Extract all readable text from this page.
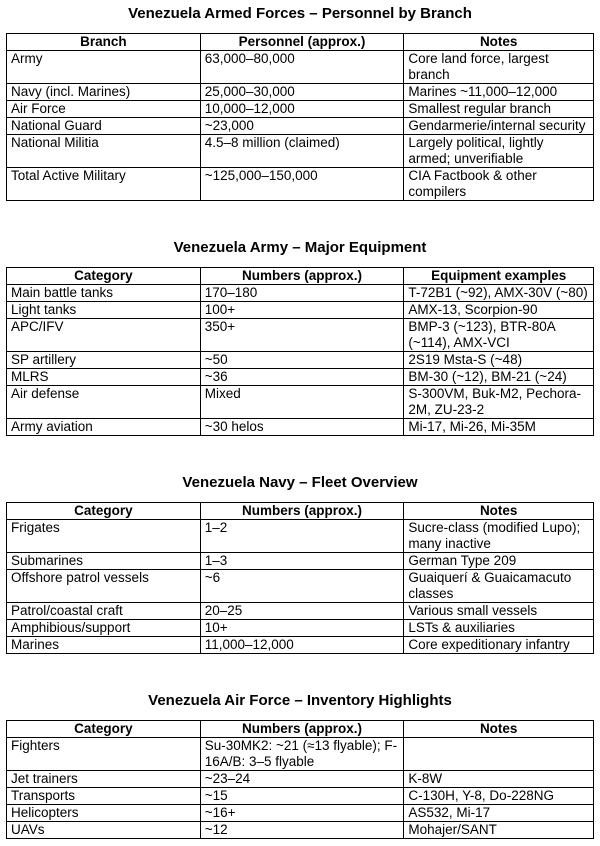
Venezuela Armed Forces – Personnel by Branch
Branch	Personnel (approx.)	Notes
Army	63,000–80,000	Core land force, largest branch
Navy (incl. Marines)	25,000–30,000	Marines ~11,000–12,000
Air Force	10,000–12,000	Smallest regular branch
National Guard	~23,000	Gendarmerie/internal security
National Militia	4.5–8 million (claimed)	Largely political, lightly armed; unverifiable
Total Active Military	~125,000–150,000	CIA Factbook & other compilers
Venezuela Army – Major Equipment
Category	Numbers (approx.)	Equipment examples
Main battle tanks	170–180	T-72B1 (~92), AMX-30V (~80)
Light tanks	100+	AMX-13, Scorpion-90
APC/IFV	350+	BMP-3 (~123), BTR-80A (~114), AMX-VCI
SP artillery	~50	2S19 Msta-S (~48)
MLRS	~36	BM-30 (~12), BM-21 (~24)
Air defense	Mixed	S-300VM, Buk-M2, Pechora-2M, ZU-23-2
Army aviation	~30 helos	Mi-17, Mi-26, Mi-35M
Venezuela Navy – Fleet Overview
Category	Numbers (approx.)	Notes
Frigates	1–2	Sucre-class (modified Lupo); many inactive
Submarines	1–3	German Type 209
Offshore patrol vessels	~6	Guaiquerí & Guaicamacuto classes
Patrol/coastal craft	20–25	Various small vessels
Amphibious/support	10+	LSTs & auxiliaries
Marines	11,000–12,000	Core expeditionary infantry
Venezuela Air Force – Inventory Highlights
Category	Numbers (approx.)	Notes
Fighters	Su-30MK2: ~21 (≈13 flyable); F-16A/B: 3–5 flyable	
Jet trainers	~23–24	K-8W
Transports	~15	C-130H, Y-8, Do-228NG
Helicopters	~16+	AS532, Mi-17
UAVs	~12	Mohajer/SANT
